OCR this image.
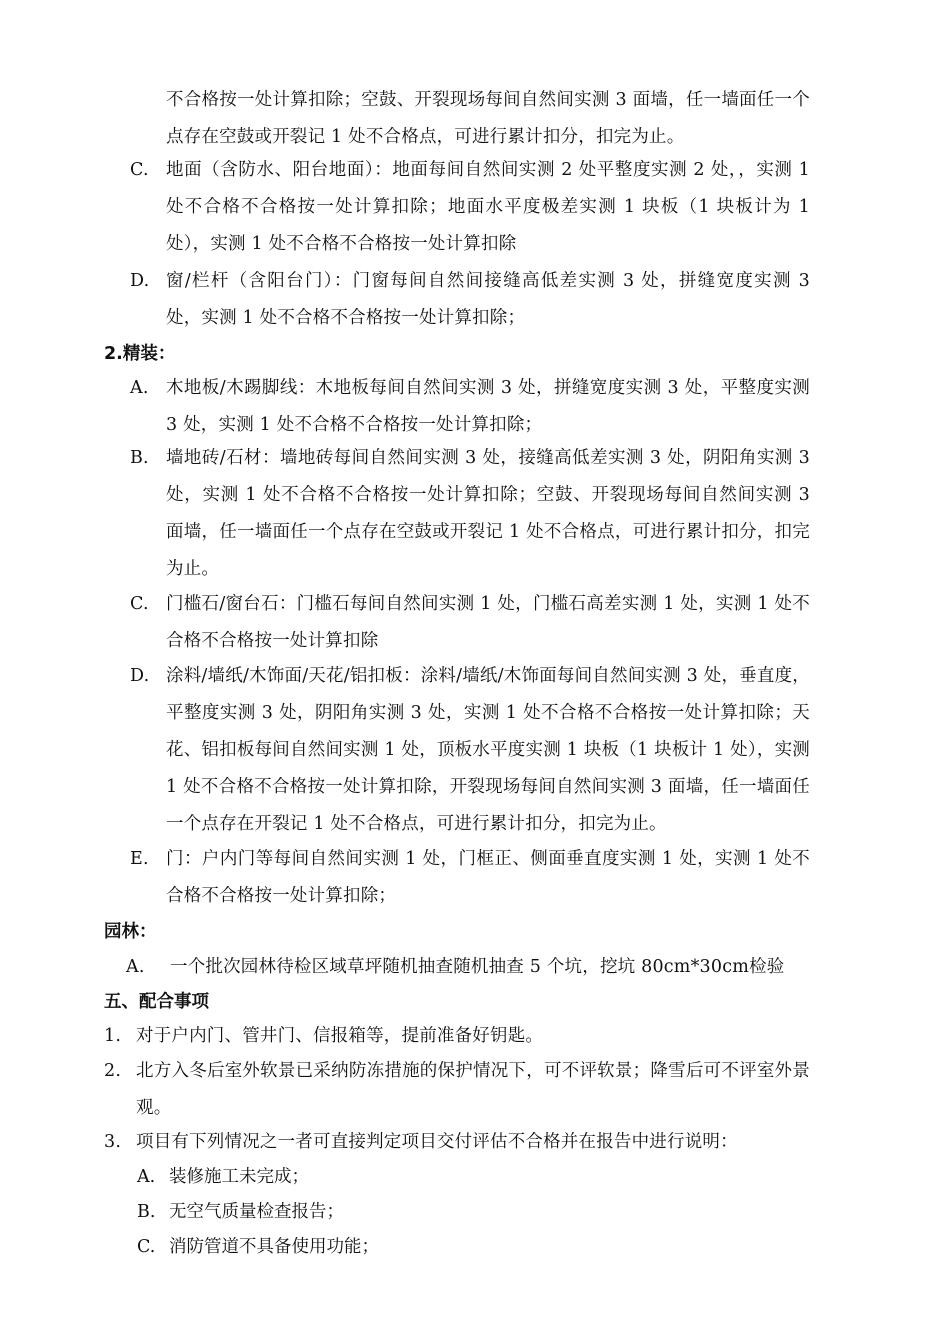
不合格按一处计算扣除；空鼓、开裂现场每间自然间实测 3 面墙，任一墙面任一个点存在空鼓或开裂记 1 处不合格点，可进行累计扣分，扣完为止。
C. 地面（含防水、阳台地面）：地面每间自然间实测 2 处平整度实测 2 处，，实测 1 处不合格不合格按一处计算扣除；地面水平度极差实测 1 块板（1 块板计为 1 处），实测 1 处不合格不合格按一处计算扣除
D. 窗/栏杆（含阳台门）：门窗每间自然间接缝高低差实测 3 处，拼缝宽度实测 3 处，实测 1 处不合格不合格按一处计算扣除；
2.精装：
A. 木地板/木踢脚线：木地板每间自然间实测 3 处，拼缝宽度实测 3 处，平整度实测 3 处，实测 1 处不合格不合格按一处计算扣除；
B. 墙地砖/石材：墙地砖每间自然间实测 3 处，接缝高低差实测 3 处，阴阳角实测 3 处，实测 1 处不合格不合格按一处计算扣除；空鼓、开裂现场每间自然间实测 3 面墙，任一墙面任一个点存在空鼓或开裂记 1 处不合格点，可进行累计扣分，扣完为止。
C. 门槛石/窗台石：门槛石每间自然间实测 1 处，门槛石高差实测 1 处，实测 1 处不合格不合格按一处计算扣除
D. 涂料/墙纸/木饰面/天花/铝扣板：涂料/墙纸/木饰面每间自然间实测 3 处，垂直度，平整度实测 3 处，阴阳角实测 3 处，实测 1 处不合格不合格按一处计算扣除；天花、铝扣板每间自然间实测 1 处，顶板水平度实测 1 块板（1 块板计 1 处），实测 1 处不合格不合格按一处计算扣除，开裂现场每间自然间实测 3 面墙，任一墙面任一个点存在开裂记 1 处不合格点，可进行累计扣分，扣完为止。
E. 门：户内门等每间自然间实测 1 处，门框正、侧面垂直度实测 1 处，实测 1 处不合格不合格按一处计算扣除；
园林：
A.	一个批次园林待检区域草坪随机抽查随机抽查 5 个坑，挖坑 80cm*30cm检验
五、配合事项
1. 对于户内门、管井门、信报箱等，提前准备好钥匙。
2. 北方入冬后室外软景已采纳防冻措施的保护情况下，可不评软景；降雪后可不评室外景观。
3. 项目有下列情况之一者可直接判定项目交付评估不合格并在报告中进行说明：
A. 装修施工未完成；
B. 无空气质量检查报告；
C. 消防管道不具备使用功能；
